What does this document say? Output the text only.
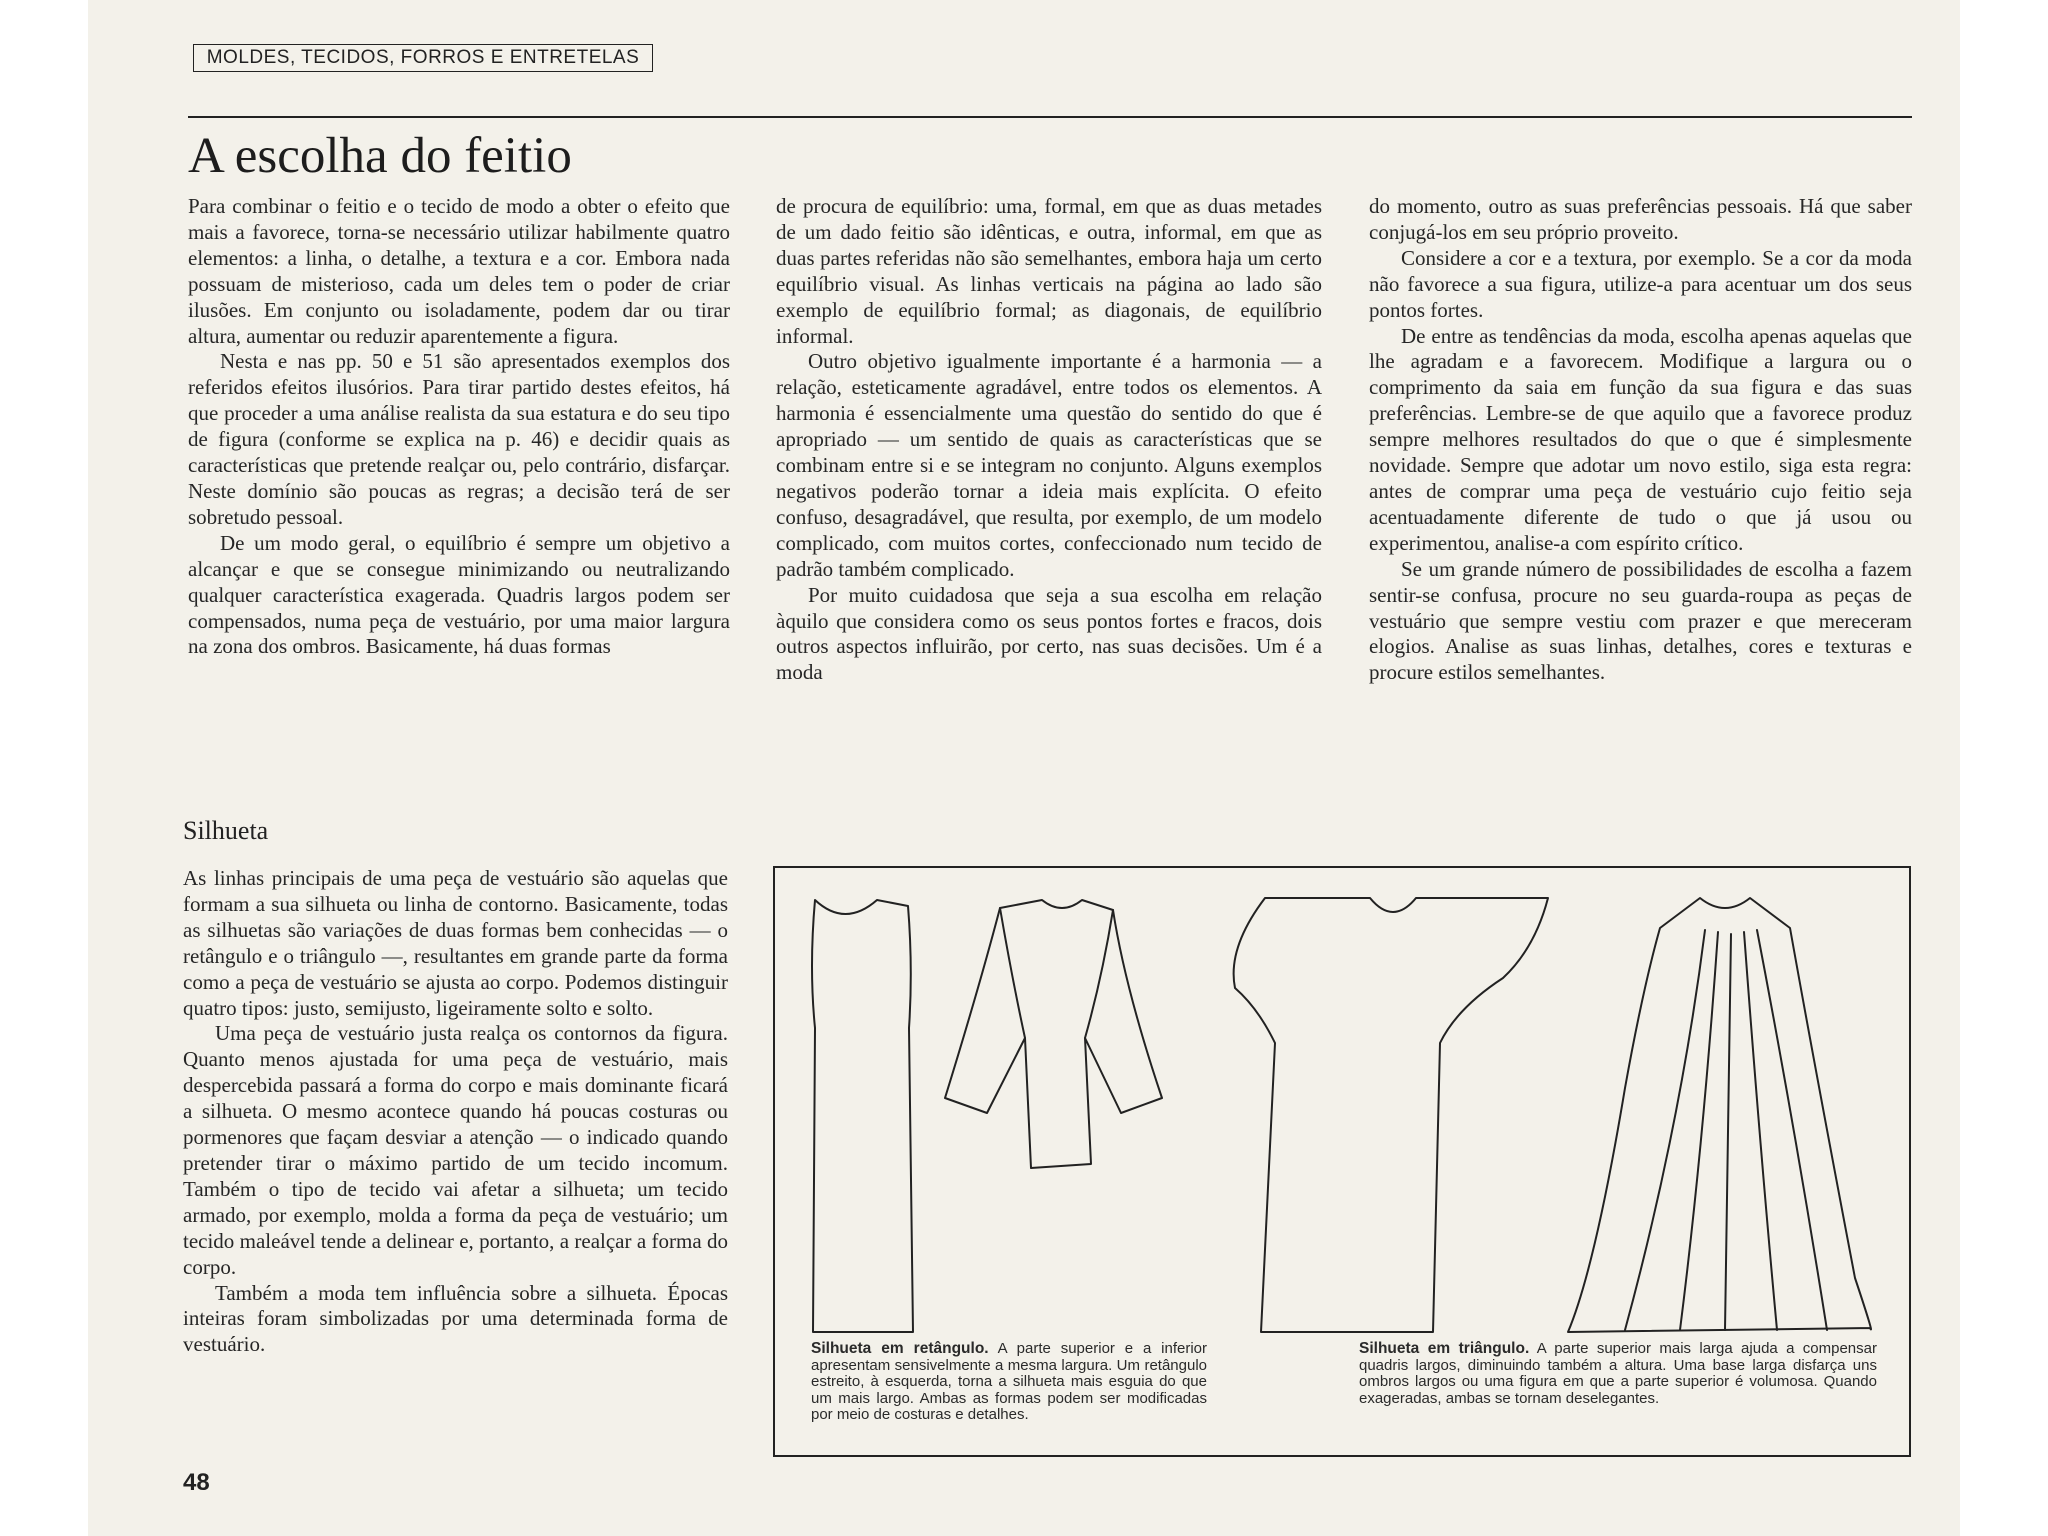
MOLDES, TECIDOS, FORROS E ENTRETELAS
A escolha do feitio

Para combinar o feitio e o tecido de modo a obter o efeito que mais a favorece, torna-se necessário utilizar habilmente quatro elementos: a linha, o detalhe, a textura e a cor. Embora nada possuam de misterioso, cada um deles tem o poder de criar ilusões. Em conjunto ou isoladamente, podem dar ou tirar altura, aumentar ou reduzir aparentemente a figura.

Nesta e nas pp. 50 e 51 são apresentados exemplos dos referidos efeitos ilusórios. Para tirar partido destes efeitos, há que proceder a uma análise realista da sua estatura e do seu tipo de figura (conforme se explica na p. 46) e decidir quais as características que pretende realçar ou, pelo contrário, disfarçar. Neste domínio são poucas as regras; a decisão terá de ser sobretudo pessoal.

De um modo geral, o equilíbrio é sempre um objetivo a alcançar e que se consegue minimizando ou neutralizando qualquer característica exagerada. Quadris largos podem ser compensados, numa peça de vestuário, por uma maior largura na zona dos ombros. Basicamente, há duas formas

de procura de equilíbrio: uma, formal, em que as duas metades de um dado feitio são idênticas, e outra, informal, em que as duas partes referidas não são semelhantes, embora haja um certo equilíbrio visual. As linhas verticais na página ao lado são exemplo de equilíbrio formal; as diagonais, de equilíbrio informal.

Outro objetivo igualmente importante é a harmonia — a relação, esteticamente agradável, entre todos os elementos. A harmonia é essencialmente uma questão do sentido do que é apropriado — um sentido de quais as características que se combinam entre si e se integram no conjunto. Alguns exemplos negativos poderão tornar a ideia mais explícita. O efeito confuso, desagradável, que resulta, por exemplo, de um modelo complicado, com muitos cortes, confeccionado num tecido de padrão também complicado.

Por muito cuidadosa que seja a sua escolha em relação àquilo que considera como os seus pontos fortes e fracos, dois outros aspectos influirão, por certo, nas suas decisões. Um é a moda

do momento, outro as suas preferências pessoais. Há que saber conjugá-los em seu próprio proveito.

Considere a cor e a textura, por exemplo. Se a cor da moda não favorece a sua figura, utilize-a para acentuar um dos seus pontos fortes.

De entre as tendências da moda, escolha apenas aquelas que lhe agradam e a favorecem. Modifique a largura ou o comprimento da saia em função da sua figura e das suas preferências. Lembre-se de que aquilo que a favorece produz sempre melhores resultados do que o que é simplesmente novidade. Sempre que adotar um novo estilo, siga esta regra: antes de comprar uma peça de vestuário cujo feitio seja acentuadamente diferente de tudo o que já usou ou experimentou, analise-a com espírito crítico.

Se um grande número de possibilidades de escolha a fazem sentir-se confusa, procure no seu guarda-roupa as peças de vestuário que sempre vestiu com prazer e que mereceram elogios. Analise as suas linhas, detalhes, cores e texturas e procure estilos semelhantes.

Silhueta

As linhas principais de uma peça de vestuário são aquelas que formam a sua silhueta ou linha de contorno. Basicamente, todas as silhuetas são variações de duas formas bem conhecidas — o retângulo e o triângulo —, resultantes em grande parte da forma como a peça de vestuário se ajusta ao corpo. Podemos distinguir quatro tipos: justo, semijusto, ligeiramente solto e solto.

Uma peça de vestuário justa realça os contornos da figura. Quanto menos ajustada for uma peça de vestuário, mais despercebida passará a forma do corpo e mais dominante ficará a silhueta. O mesmo acontece quando há poucas costuras ou pormenores que façam desviar a atenção — o indicado quando pretender tirar o máximo partido de um tecido incomum. Também o tipo de tecido vai afetar a silhueta; um tecido armado, por exemplo, molda a forma da peça de vestuário; um tecido maleável tende a delinear e, portanto, a realçar a forma do corpo.

Também a moda tem influência sobre a silhueta. Épocas inteiras foram simbolizadas por uma determinada forma de vestuário.	Silhueta em retângulo. A parte superior e a inferior apresentam sensivelmente a mesma largura. Um retângulo estreito, à esquerda, torna a silhueta mais esguia do que um mais largo. Ambas as formas podem ser modificadas por meio de costuras e detalhes.
Silhueta em triângulo. A parte superior mais larga ajuda a compensar quadris largos, diminuindo também a altura. Uma base larga disfarça uns ombros largos ou uma figura em que a parte superior é volumosa. Quando exageradas, ambas se tornam deselegantes.
48
